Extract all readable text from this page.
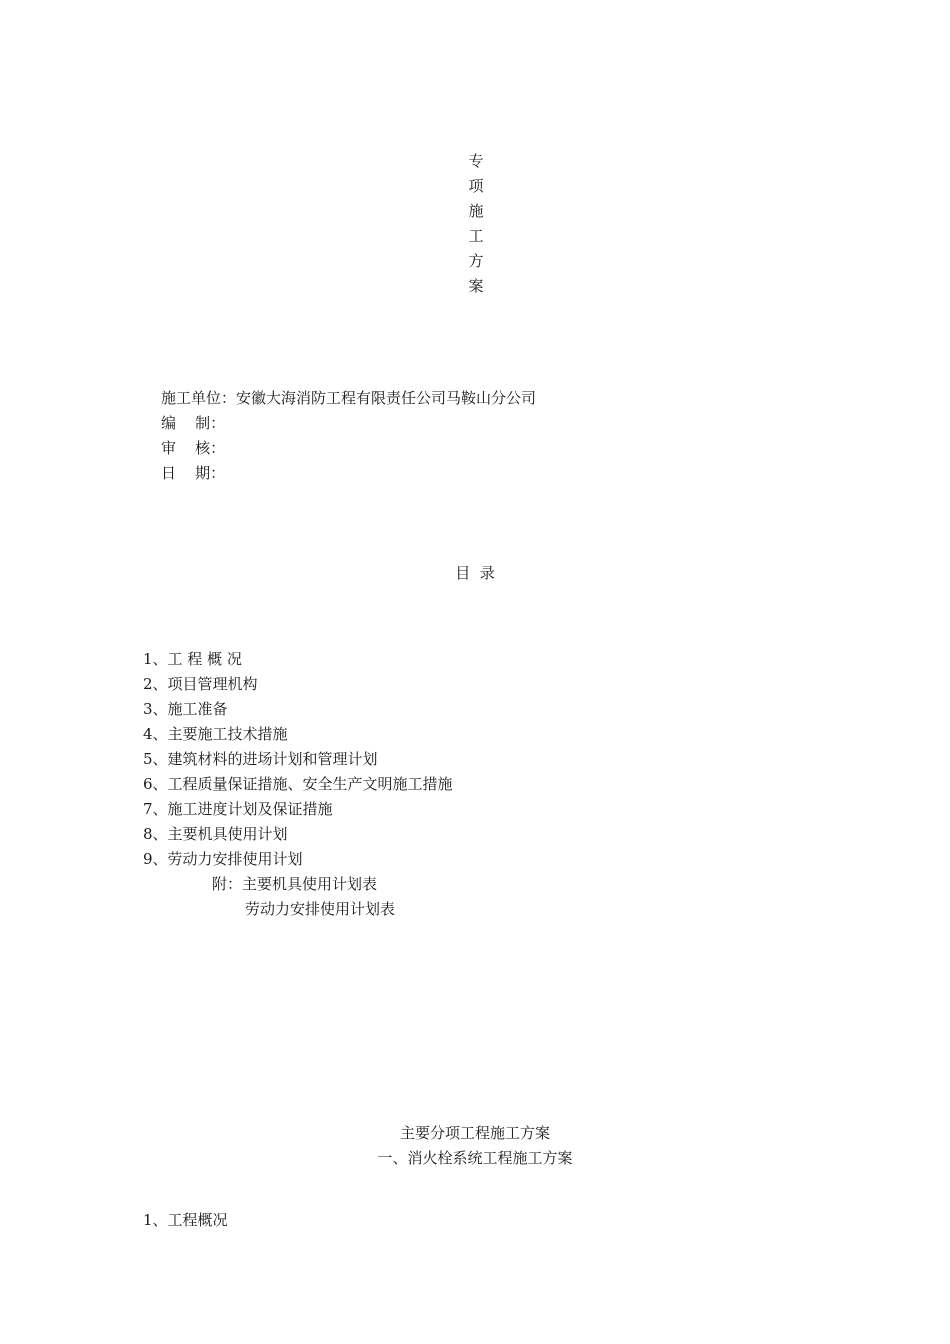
专
项
施
工
方
案
施工单位：安徽大海消防工程有限责任公司马鞍山分公司
编    制：
审    核：
日    期：
目  录
1、工 程 概 况
2、项目管理机构
3、施工准备
4、主要施工技术措施
5、建筑材料的进场计划和管理计划
6、工程质量保证措施、安全生产文明施工措施
7、施工进度计划及保证措施
8、主要机具使用计划
9、劳动力安排使用计划
附：主要机具使用计划表
劳动力安排使用计划表
主要分项工程施工方案
一、消火栓系统工程施工方案
1、工程概况
